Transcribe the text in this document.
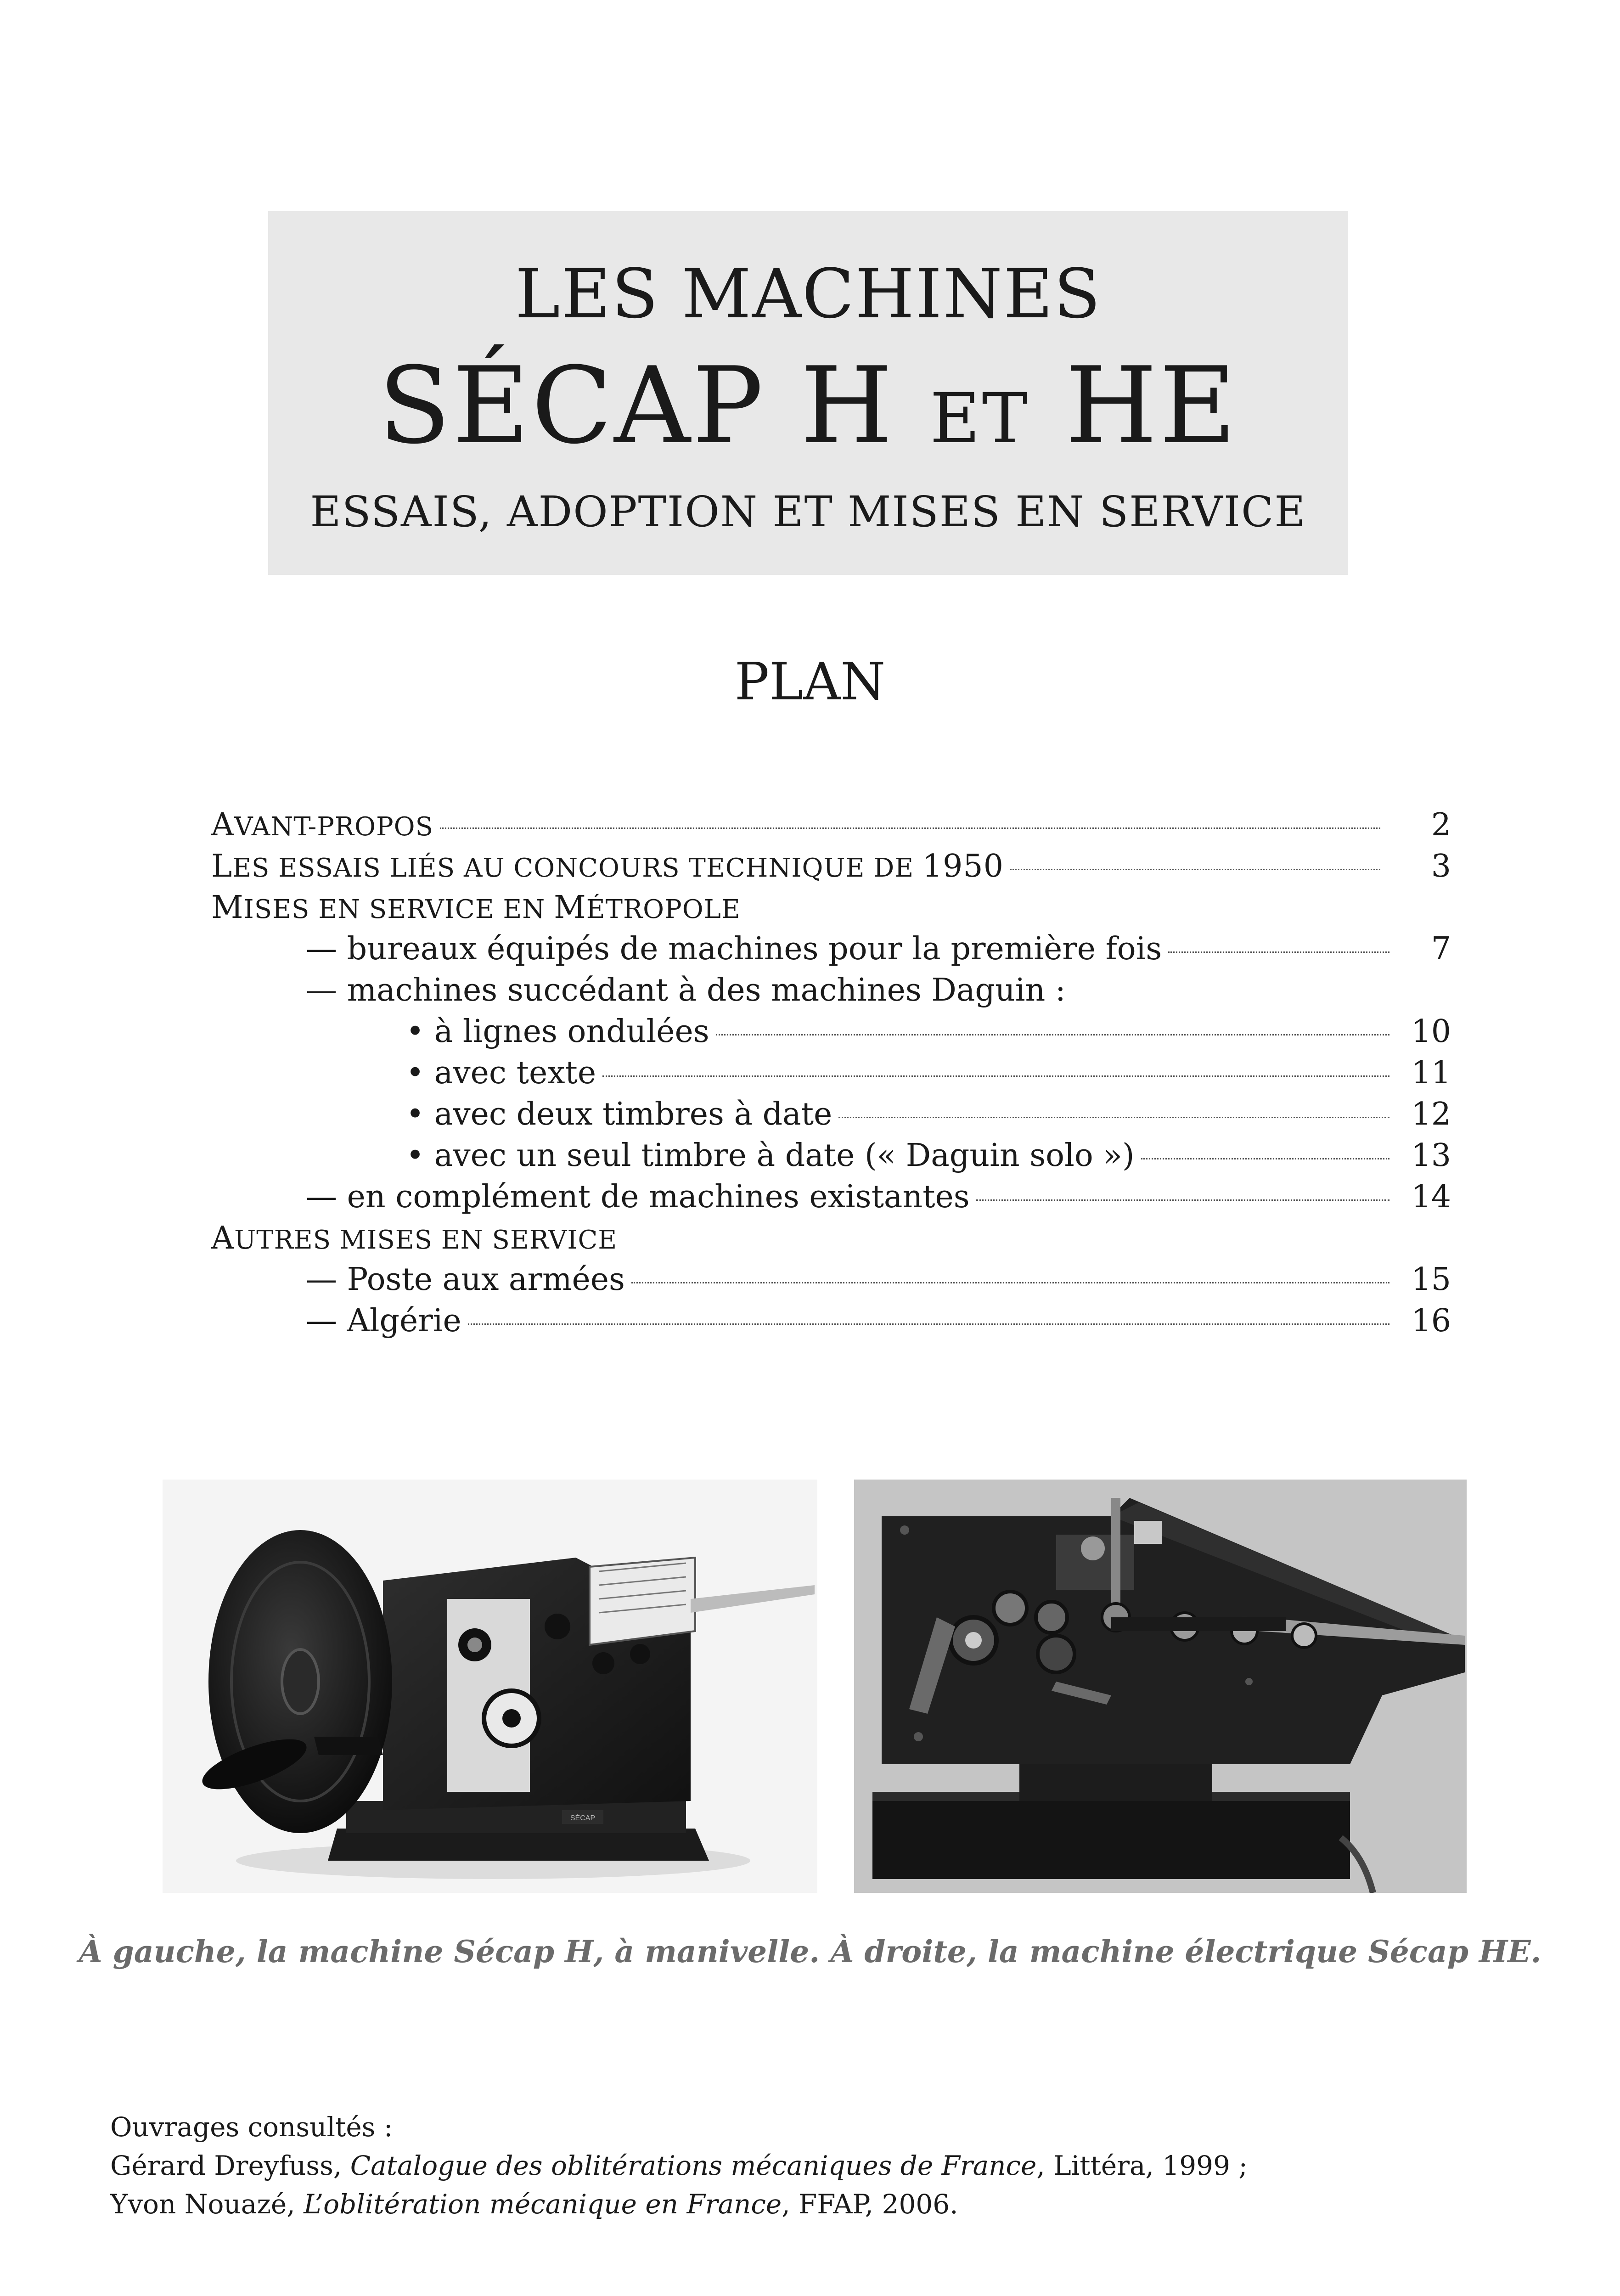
LES MACHINES
SÉCAP H ET HE
ESSAIS, ADOPTION ET MISES EN SERVICE
PLAN
AVANT-PROPOS	2
LES ESSAIS LIÉS AU CONCOURS TECHNIQUE DE 1950	3
MISES EN SERVICE EN MÉTROPOLE
— bureaux équipés de machines pour la première fois	7
— machines succédant à des machines Daguin :
• à lignes ondulées	10
• avec texte	11
• avec deux timbres à date	12
• avec un seul timbre à date (« Daguin solo »)	13
— en complément de machines existantes	14
AUTRES MISES EN SERVICE
— Poste aux armées	15
— Algérie	16
SÉCAP
À gauche, la machine Sécap H, à manivelle. À droite, la machine électrique Sécap HE.
Ouvrages consultés :
Gérard Dreyfuss, Catalogue des oblitérations mécaniques de France, Littéra, 1999 ;
Yvon Nouazé, L’oblitération mécanique en France, FFAP, 2006.
